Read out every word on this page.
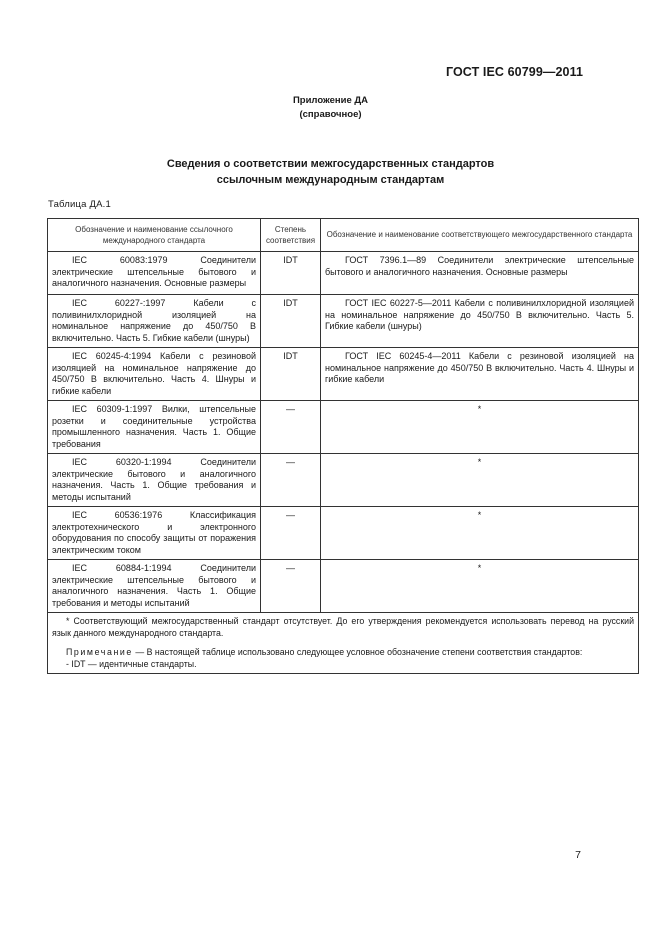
ГОСТ IEC 60799—2011
Приложение ДА
(справочное)
Сведения о соответствии межгосударственных стандартов
ссылочным международным стандартам
Таблица ДА.1
Обозначение и наименование ссылочного международного стандарта	Степень соответствия	Обозначение и наименование соответствующего межгосударственного стандарта
IEC 60083:1979 Соединители электрические штепсельные бытового и аналогичного назначения. Основные размеры	IDT	ГОСТ 7396.1—89 Соединители электрические штепсельные бытового и аналогичного назначения. Основные размеры
IEC 60227-:1997 Кабели с поливинилхлоридной изоляцией на номинальное напряжение до 450/750 В включительно. Часть 5. Гибкие кабели (шнуры)	IDT	ГОСТ IEC 60227-5—2011 Кабели с поливинилхлоридной изоляцией на номинальное напряжение до 450/750 В включительно. Часть 5. Гибкие кабели (шнуры)
IEC 60245-4:1994 Кабели с резиновой изоляцией на номинальное напряжение до 450/750 В включительно. Часть 4. Шнуры и гибкие кабели	IDT	ГОСТ IEC 60245-4—2011 Кабели с резиновой изоляцией на номинальное напряжение до 450/750 В включительно. Часть 4. Шнуры и гибкие кабели
IEC 60309-1:1997 Вилки, штепсельные розетки и соединительные устройства промышленного назначения. Часть 1. Общие требования	—	*
IEC 60320-1:1994 Соединители электрические бытового и аналогичного назначения. Часть 1. Общие требования и методы испытаний	—	*
IEC 60536:1976 Классификация электротехнического и электронного оборудования по способу защиты от поражения электрическим током	—	*
IEC 60884-1:1994 Соединители электрические штепсельные бытового и аналогичного назначения. Часть 1. Общие требования и методы испытаний	—	*

* Соответствующий межгосударственный стандарт отсутствует. До его утверждения рекомендуется использовать перевод на русский язык данного международного стандарта.

Примечание — В настоящей таблице использовано следующее условное обозначение степени соответствия стандартов:

- IDT — идентичные стандарты.		

7
